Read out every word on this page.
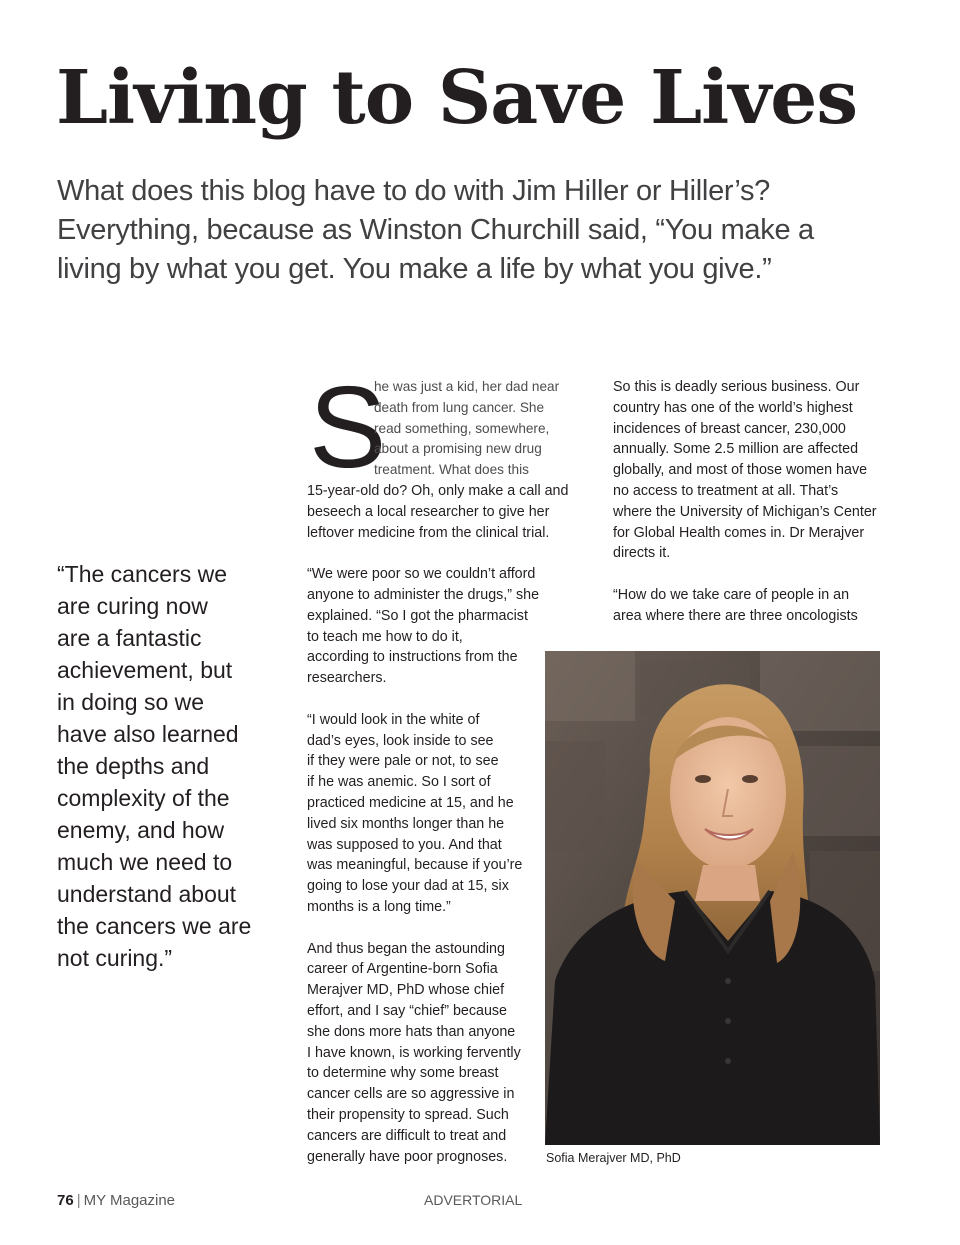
Living to Save Lives
What does this blog have to do with Jim Hiller or Hiller’s?
Everything, because as Winston Churchill said, “You make a
living by what you get. You make a life by what you give.”
“The cancers we
are curing now
are a fantastic
achievement, but
in doing so we
have also learned
the depths and
complexity of the
enemy, and how
much we need to
understand about
the cancers we are
not curing.”
S
he was just a kid, her dad near
death from lung cancer. She
read something, somewhere,
about a promising new drug
treatment. What does this
15-year-old do? Oh, only make a call and
beseech a local researcher to give her
leftover medicine from the clinical trial.
“We were poor so we couldn’t afford
anyone to administer the drugs,” she
explained. “So I got the pharmacist
to teach me how to do it,
according to instructions from the
researchers.
“I would look in the white of
dad’s eyes, look inside to see
if they were pale or not, to see
if he was anemic. So I sort of
practiced medicine at 15, and he
lived six months longer than he
was supposed to you. And that
was meaningful, because if you’re
going to lose your dad at 15, six
months is a long time.”
And thus began the astounding
career of Argentine-born Sofia
Merajver MD, PhD whose chief
effort, and I say “chief” because
she dons more hats than anyone
I have known, is working fervently
to determine why some breast
cancer cells are so aggressive in
their propensity to spread. Such
cancers are difficult to treat and
generally have poor prognoses.
So this is deadly serious business. Our
country has one of the world’s highest
incidences of breast cancer, 230,000
annually. Some 2.5 million are affected
globally, and most of those women have
no access to treatment at all. That’s
where the University of Michigan’s Center
for Global Health comes in. Dr Merajver
directs it.
“How do we take care of people in an
area where there are three oncologists
Sofia Merajver MD, PhD
76 | MY Magazine	ADVERTORIAL
